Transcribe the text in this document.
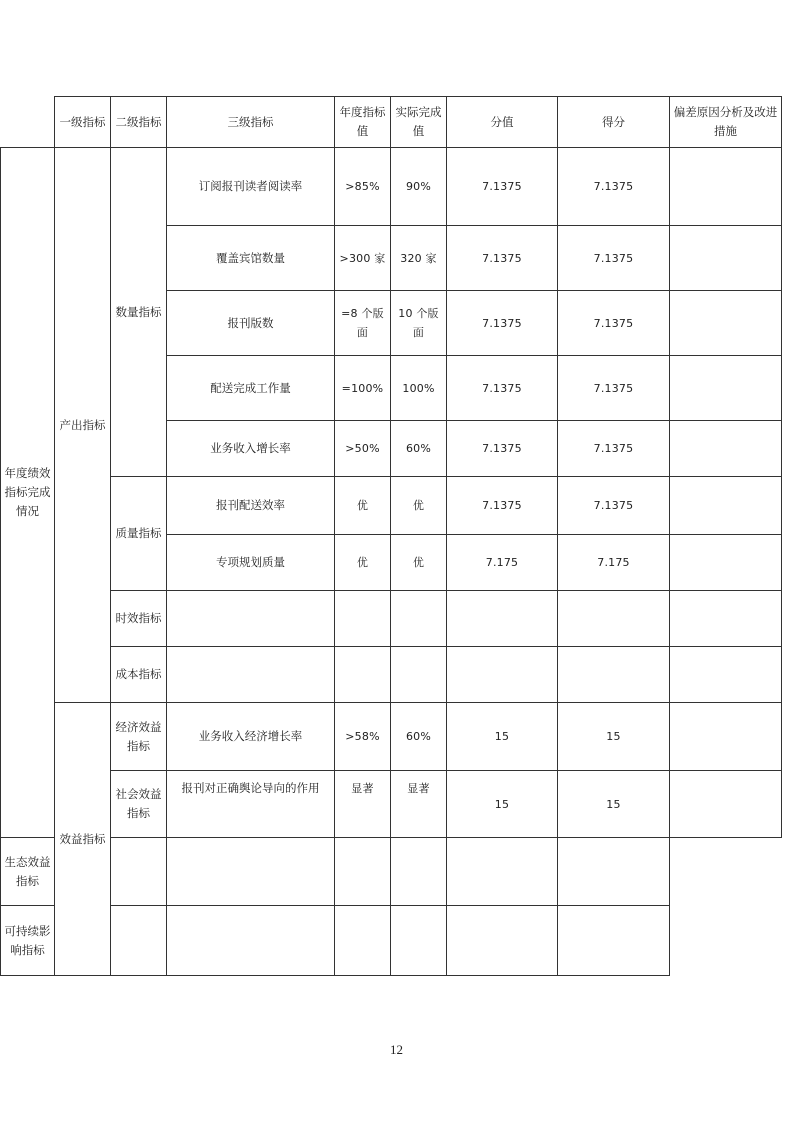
	一级指标	二级指标	三级指标	年度指标值	实际完成值	分值	得分	偏差原因分析及改进措施
年度绩效指标完成情况	产出指标	数量指标	订阅报刊读者阅读率	>85%	90%	7.1375	7.1375	
			覆盖宾馆数量	>300 家	320 家	7.1375	7.1375	
			报刊版数	=8 个版面	10 个版面	7.1375	7.1375	
			配送完成工作量	=100%	100%	7.1375	7.1375	
			业务收入增长率	>50%	60%	7.1375	7.1375	
		质量指标	报刊配送效率	优	优	7.1375	7.1375	
			专项规划质量	优	优	7.175	7.175	
		时效指标						
		成本指标						
	效益指标	经济效益指标	业务收入经济增长率	>58%	60%	15	15	
		社会效益指标	报刊对正确舆论导向的作用	显著	显著	15	15	
生态效益指标								
可持续影响指标								
12
